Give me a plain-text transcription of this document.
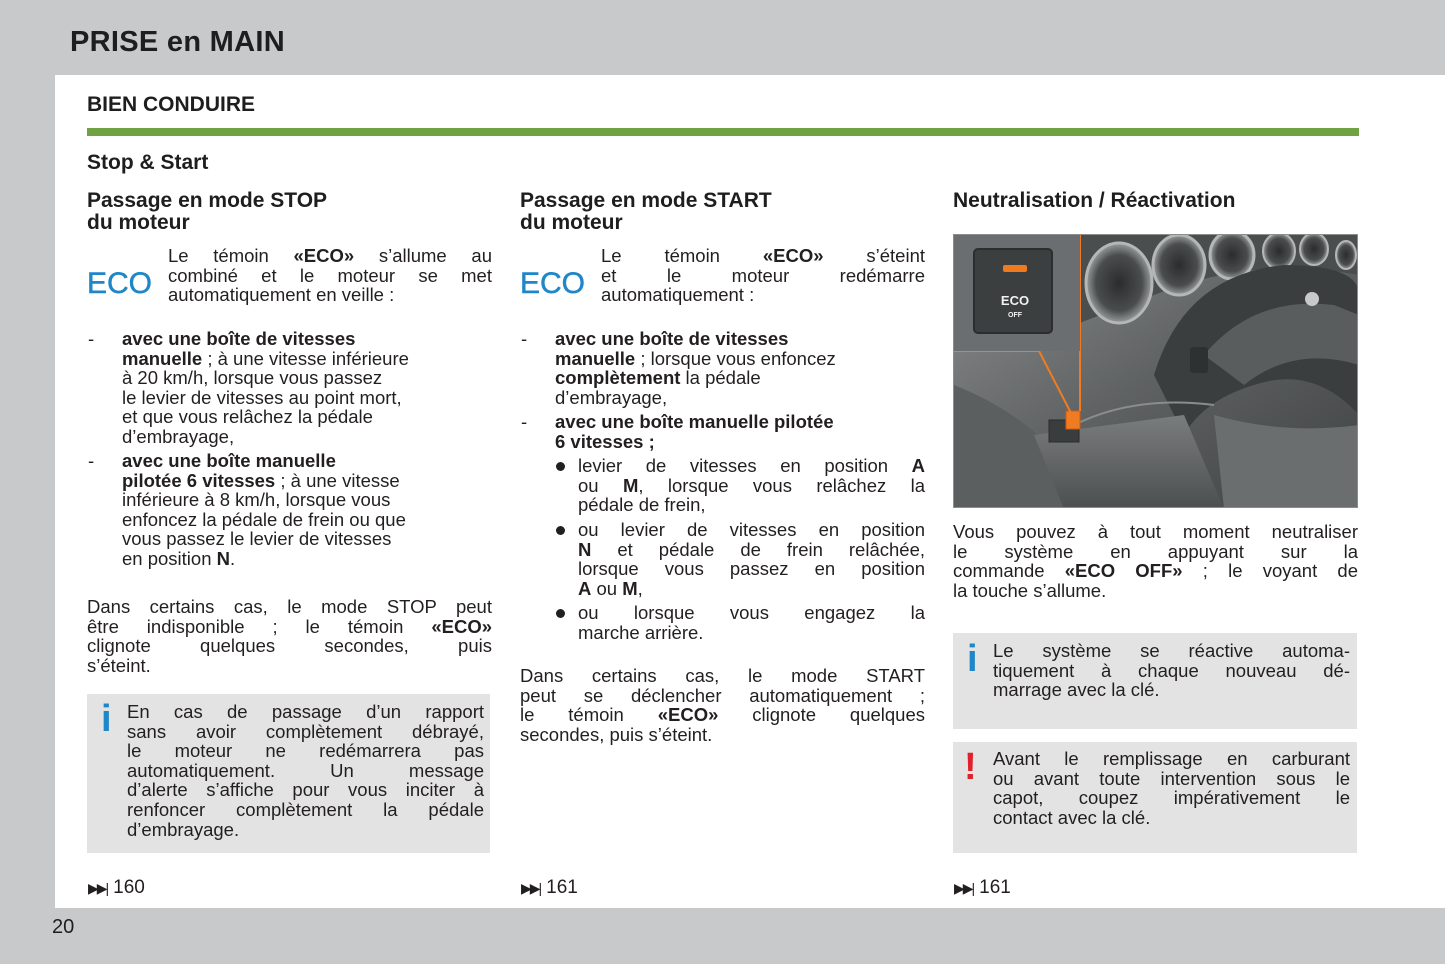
PRISE en MAIN
20
BIEN CONDUIRE
Stop & Start
Passage en mode STOP
du moteur
ECO
Le témoin «ECO» s’allume au
combiné et le moteur se met
automatiquement en veille :
- avec une boîte de vitesses
manuelle ; à une vitesse inférieure
à 20 km/h, lorsque vous passez
le levier de vitesses au point mort,
et que vous relâchez la pédale
d’embrayage,
- avec une boîte manuelle
pilotée 6 vitesses ; à une vitesse
inférieure à 8 km/h, lorsque vous
enfoncez la pédale de frein ou que
vous passez le levier de vitesses
en position N.
Dans certains cas, le mode STOP peut
être indisponible ; le témoin «ECO»
clignote quelques secondes, puis
s’éteint.
i En cas de passage d’un rapport
sans avoir complètement débrayé,
le moteur ne redémarrera pas
automatiquement. Un message
d’alerte s’affiche pour vous inciter à
renfoncer complètement la pédale
d’embrayage.
▶▶| 160
Passage en mode START
du moteur
ECO
Le témoin «ECO» s’éteint
et le moteur redémarre
automatiquement :
- avec une boîte de vitesses
manuelle ; lorsque vous enfoncez
complètement la pédale
d’embrayage,
- avec une boîte manuelle pilotée
6 vitesses ;
levier de vitesses en position A
ou M, lorsque vous relâchez la
pédale de frein,
ou levier de vitesses en position
N et pédale de frein relâchée,
lorsque vous passez en position
A ou M,
ou lorsque vous engagez la
marche arrière.
Dans certains cas, le mode START
peut se déclencher automatiquement ;
le témoin «ECO» clignote quelques
secondes, puis s’éteint.
▶▶| 161
Neutralisation / Réactivation
ECO
OFF
Vous pouvez à tout moment neutraliser
le système en appuyant sur la
commande «ECO OFF» ; le voyant de
la touche s’allume.
i Le système se réactive automa-
tiquement à chaque nouveau dé-
marrage avec la clé.
! Avant le remplissage en carburant
ou avant toute intervention sous le
capot, coupez impérativement le
contact avec la clé.
▶▶| 161
